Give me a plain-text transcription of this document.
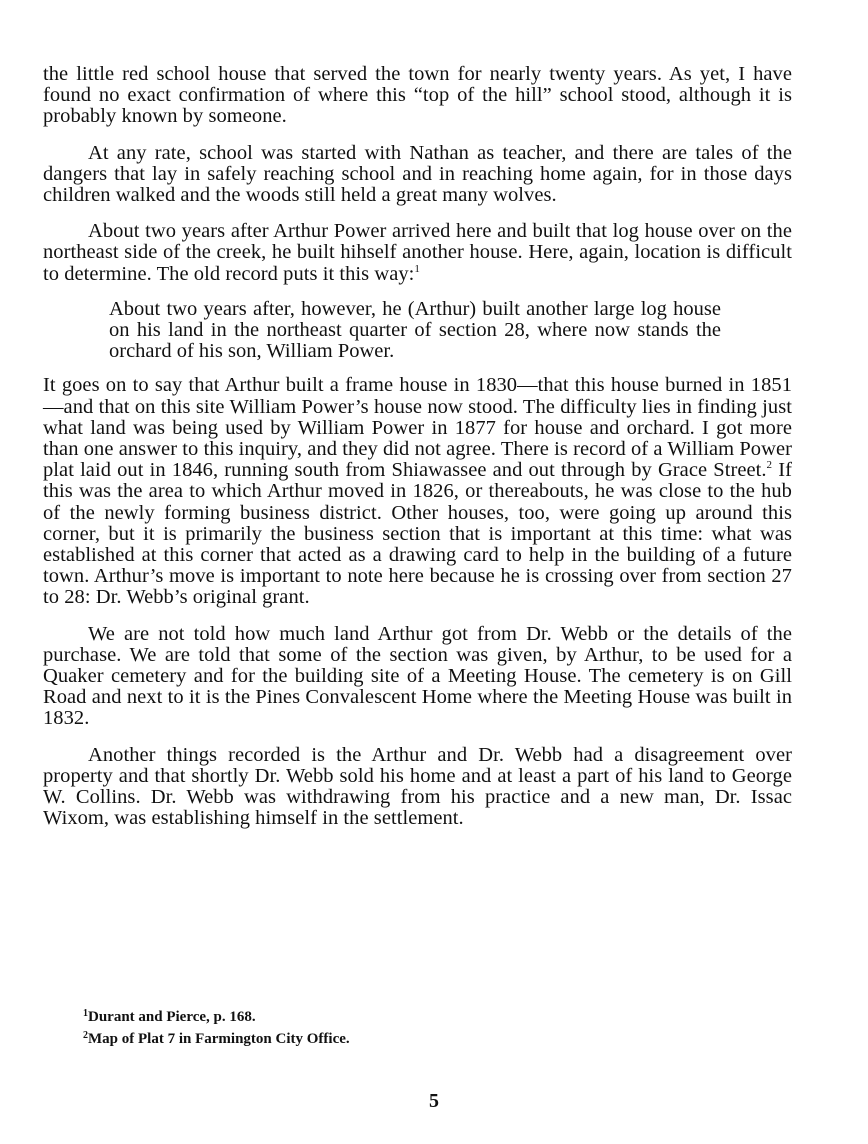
the little red school house that served the town for nearly twenty years. As yet, I have found no exact confirmation of where this “top of the hill” school stood, although it is probably known by someone.

At any rate, school was started with Nathan as teacher, and there are tales of the dangers that lay in safely reaching school and in reaching home again, for in those days children walked and the woods still held a great many wolves.

About two years after Arthur Power arrived here and built that log house over on the northeast side of the creek, he built hihself another house. Here, again, location is difficult to determine. The old record puts it this way:$^1$

About two years after, however, he (Arthur) built another large log house on his land in the northeast quarter of section 28, where now stands the orchard of his son, William Power.

It goes on to say that Arthur built a frame house in 1830—that this house burned in 1851—and that on this site William Power’s house now stood. The difficulty lies in finding just what land was being used by William Power in 1877 for house and orchard. I got more than one answer to this inquiry, and they did not agree. There is record of a William Power plat laid out in 1846, running south from Shiawassee and out through by Grace Street.$^2$ If this was the area to which Arthur moved in 1826, or thereabouts, he was close to the hub of the newly forming business district. Other houses, too, were going up around this corner, but it is primarily the business section that is important at this time: what was established at this corner that acted as a drawing card to help in the building of a future town. Arthur’s move is important to note here because he is crossing over from section 27 to 28: Dr. Webb’s original grant.

We are not told how much land Arthur got from Dr. Webb or the details of the purchase. We are told that some of the section was given, by Arthur, to be used for a Quaker cemetery and for the building site of a Meeting House. The cemetery is on Gill Road and next to it is the Pines Convalescent Home where the Meeting House was built in 1832.

Another things recorded is the Arthur and Dr. Webb had a disagreement over property and that shortly Dr. Webb sold his home and at least a part of his land to George W. Collins. Dr. Webb was withdrawing from his practice and a new man, Dr. Issac Wixom, was establishing himself in the settlement.

$^1$Durant and Pierce, p. 168.
$^2$Map of Plat 7 in Farmington City Office.
5
